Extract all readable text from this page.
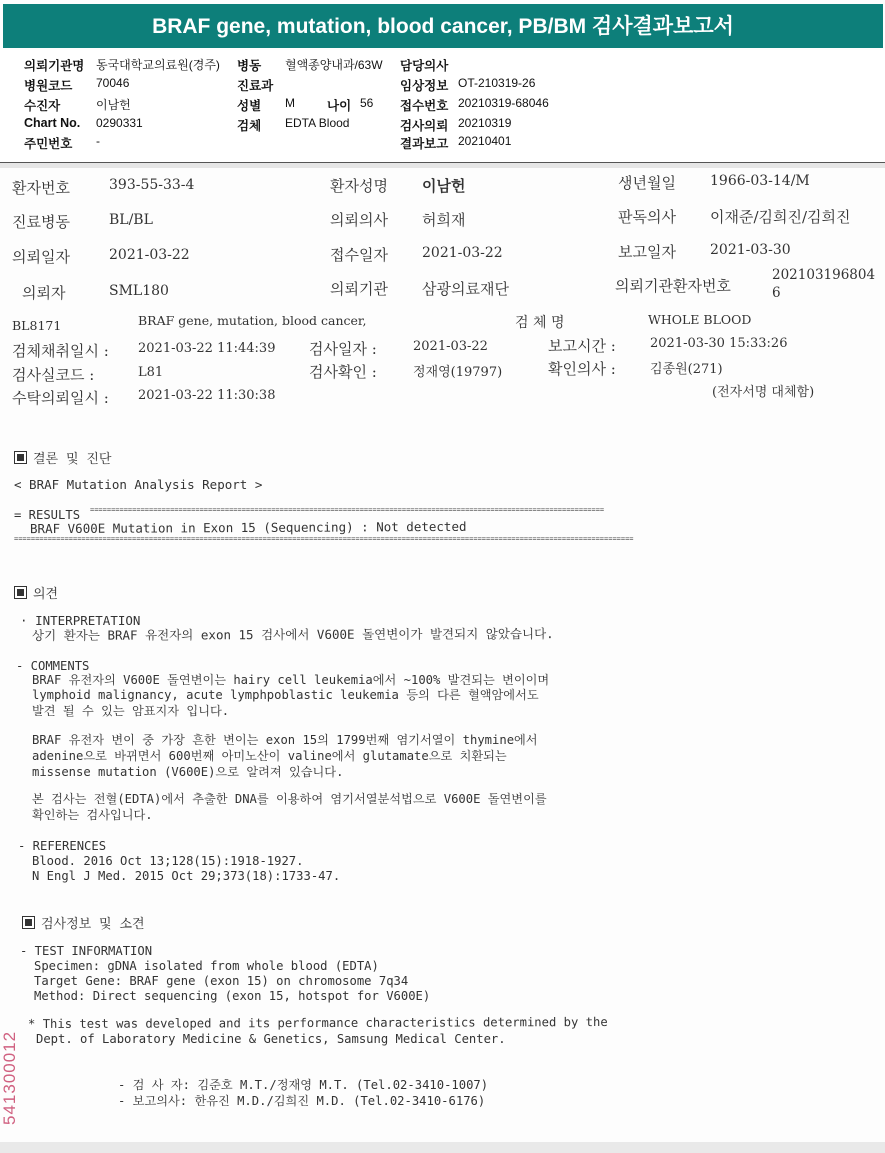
BRAF gene, mutation, blood cancer, PB/BM 검사결과보고서
의뢰기관명 동국대학교의료원(경주) 병동 혈액종양내과/63W 담당의사
병원코드 70046	진료과	임상정보 OT-210319-26
수진자	이남헌	성별 M	나이 56 접수번호 20210319-68046
Chart No. 0290331	검체 EDTA Blood	검사의뢰 20210319
주민번호 -	결과보고 20210401
환자번호	393-55-33-4	환자성명 이남헌	생년월일 1966-03-14/M
진료병동	BL/BL	의뢰의사 허희재	판독의사 이재준/김희진/김희진
의뢰일자	2021-03-22	접수일자 2021-03-22	보고일자 2021-03-30
의뢰자	SML180	의뢰기관 삼광의료재단	의뢰기관환자번호
202103196804
6
BL8171	BRAF gene, mutation, blood cancer,	검 체 명	WHOLE BLOOD
검체채취일시 : 2021-03-22 11:44:39 검사일자 :	2021-03-22	보고시간 :	2021-03-30 15:33:26
검사실코드 :	L81	검사확인 :	정재영(19797)	확인의사 :	김종원(271)
수탁의뢰일시 : 2021-03-22 11:30:38	(전자서명 대체함)
결론 및 진단
< BRAF Mutation Analysis Report >
= RESULTS ==========================================================================================================================
BRAF V600E Mutation in Exon 15 (Sequencing) : Not detected
===================================================================================================================================================
의견
· INTERPRETATION
상기 환자는 BRAF 유전자의 exon 15 검사에서 V600E 돌연변이가 발견되지 않았습니다.
- COMMENTS
BRAF 유전자의 V600E 돌연변이는 hairy cell leukemia에서 ~100% 발견되는 변이이며
lymphoid malignancy, acute lymphpoblastic leukemia 등의 다른 혈액암에서도
발견 될 수 있는 암표지자 입니다.
BRAF 유전자 변이 중 가장 흔한 변이는 exon 15의 1799번째 염기서열이 thymine에서
adenine으로 바뀌면서 600번째 아미노산이 valine에서 glutamate으로 치환되는
missense mutation (V600E)으로 알려져 있습니다.
본 검사는 전혈(EDTA)에서 추출한 DNA를 이용하여 염기서열분석법으로 V600E 돌연변이를
확인하는 검사입니다.
- REFERENCES
Blood. 2016 Oct 13;128(15):1918-1927.
N Engl J Med. 2015 Oct 29;373(18):1733-47.
검사정보 및 소견
- TEST INFORMATION
Specimen: gDNA isolated from whole blood (EDTA)
Target Gene: BRAF gene (exon 15) on chromosome 7q34
Method: Direct sequencing (exon 15, hotspot for V600E)
* This test was developed and its performance characteristics determined by the
Dept. of Laboratory Medicine & Genetics, Samsung Medical Center.
- 검 사 자: 김준호 M.T./정재영 M.T. (Tel.02-3410-1007)
- 보고의사: 한유진 M.D./김희진 M.D. (Tel.02-3410-6176)
541300012
